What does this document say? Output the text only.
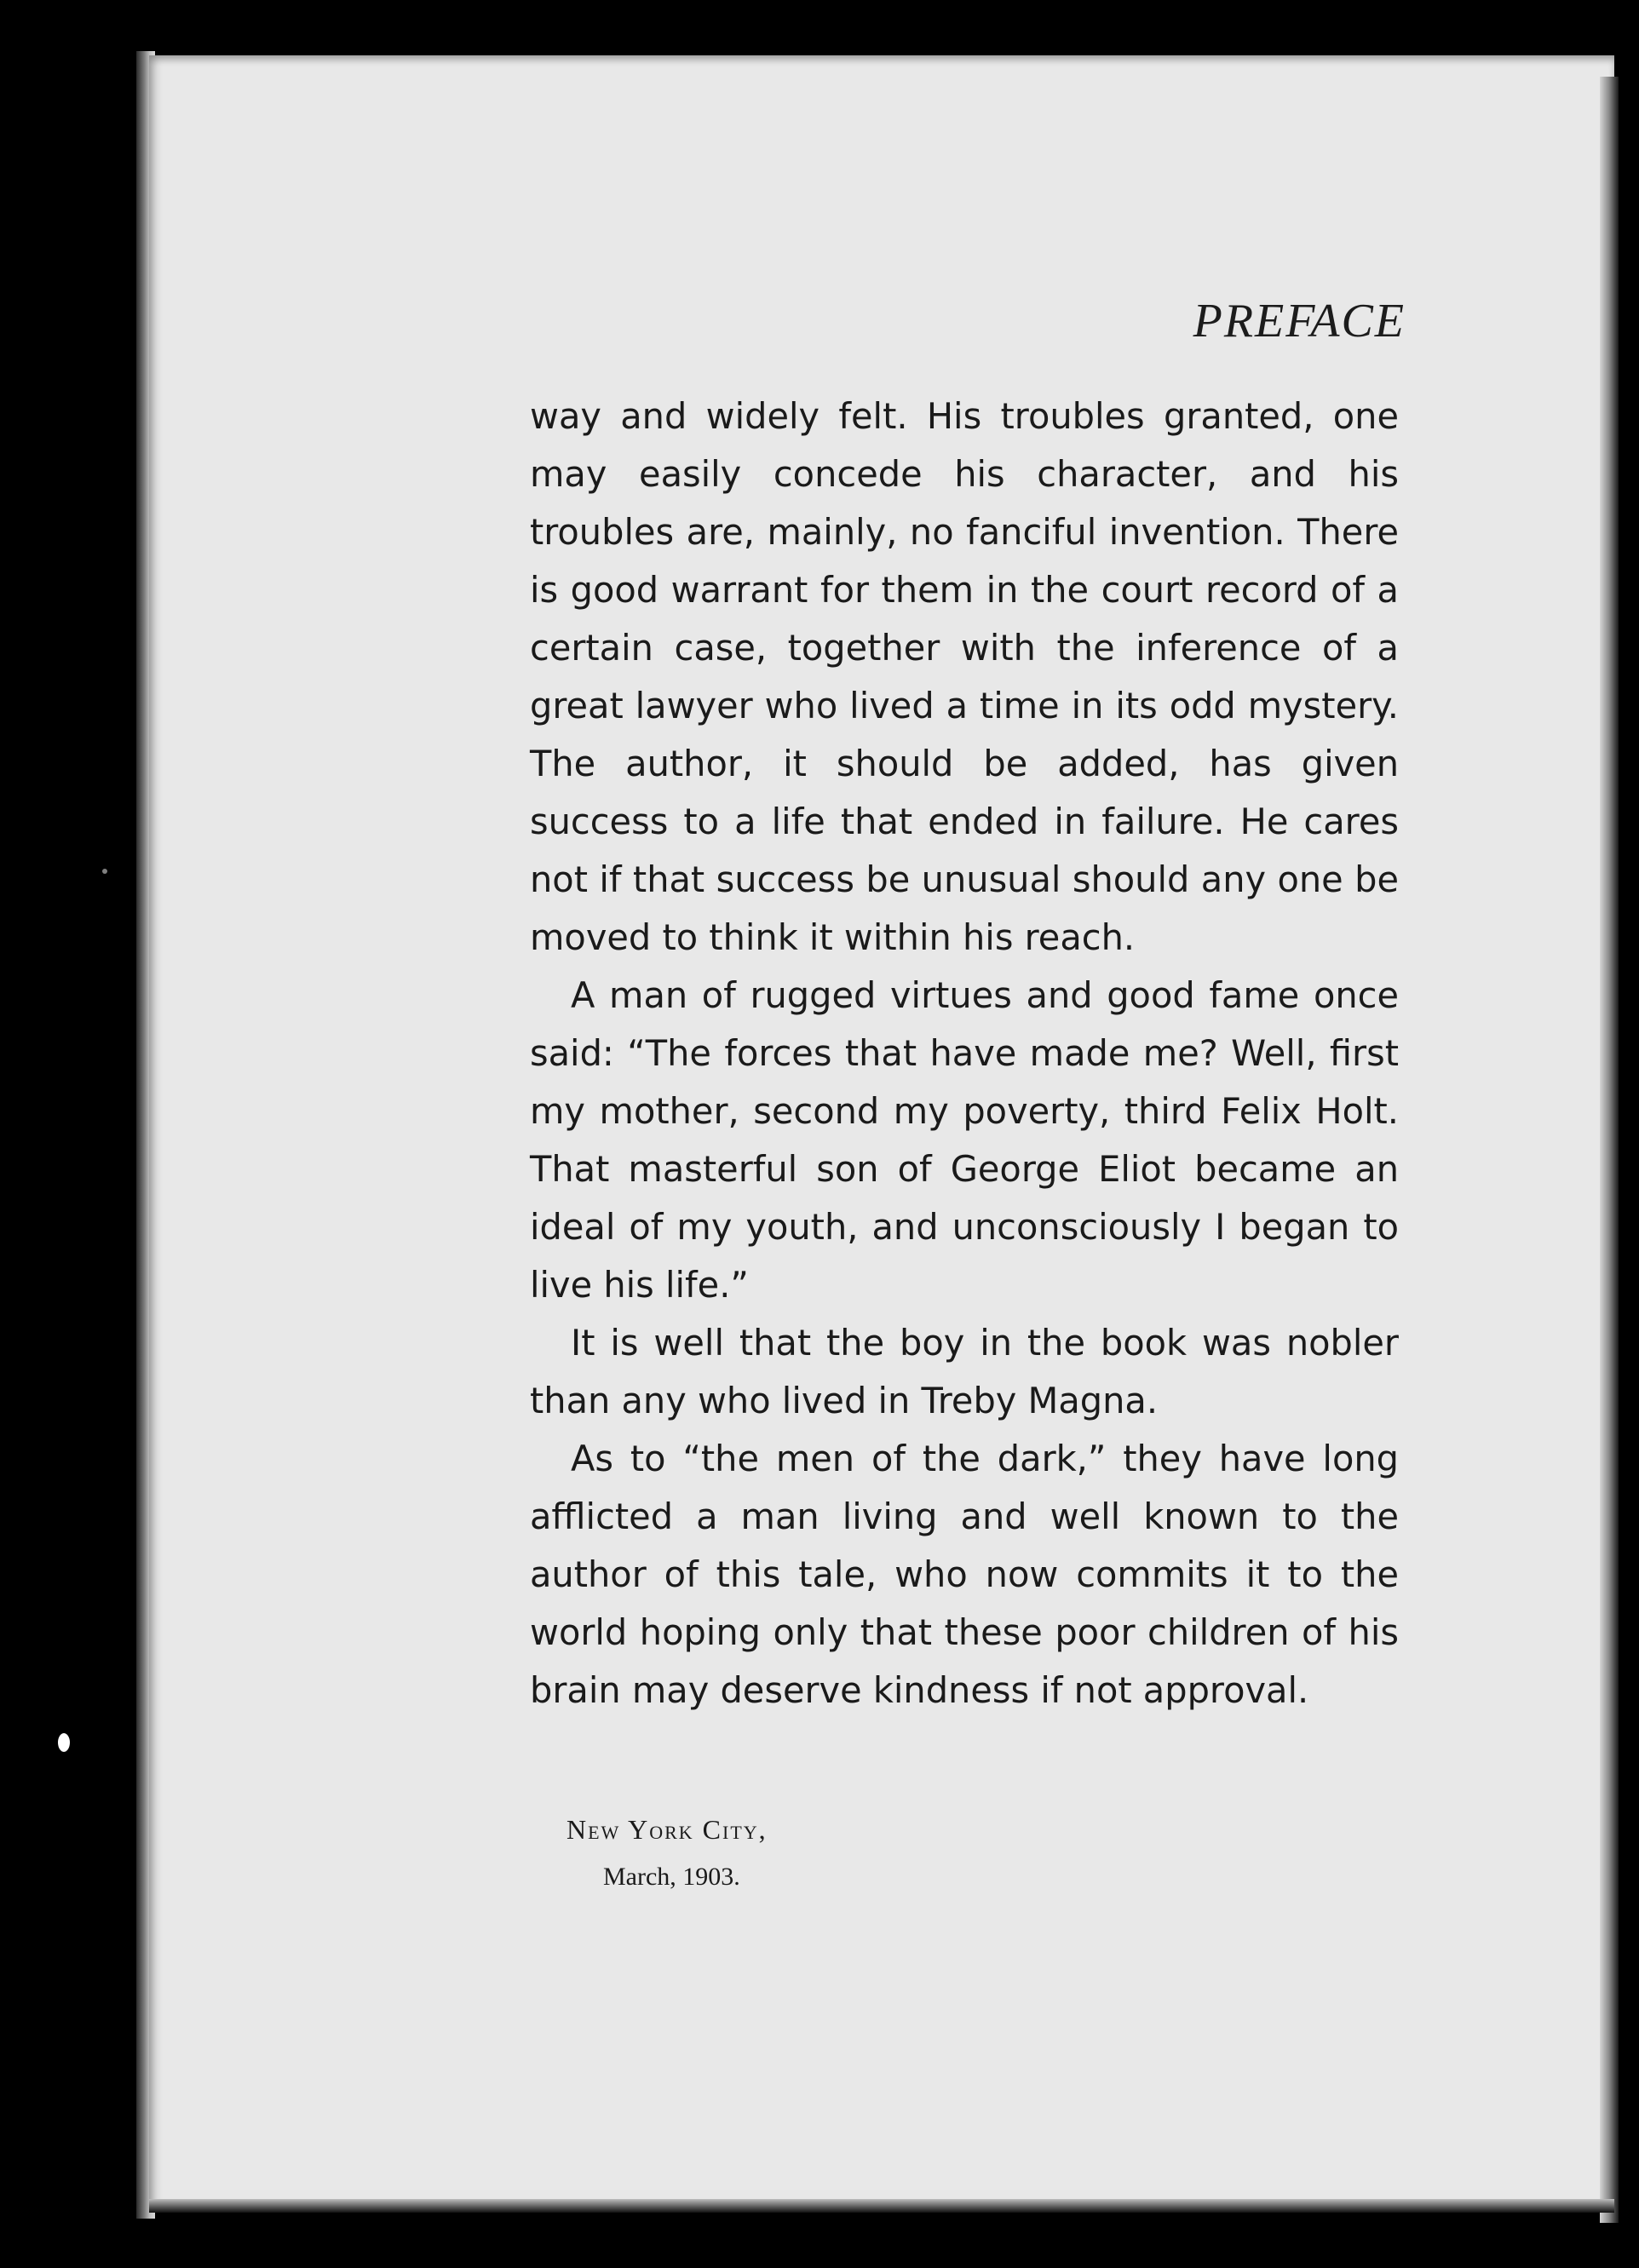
PREFACE

way and widely felt. His troubles granted, one may easily concede his character, and his troubles are, mainly, no fanciful invention. There is good warrant for them in the court record of a certain case, together with the inference of a great lawyer who lived a time in its odd mystery. The author, it should be added, has given success to a life that ended in failure. He cares not if that success be unusual should any one be moved to think it within his reach.

A man of rugged virtues and good fame once said: “The forces that have made me? Well, first my mother, second my poverty, third Felix Holt. That masterful son of George Eliot became an ideal of my youth, and unconsciously I began to live his life.”

It is well that the boy in the book was nobler than any who lived in Treby Magna.

As to “the men of the dark,” they have long afflicted a man living and well known to the author of this tale, who now commits it to the world hoping only that these poor children of his brain may deserve kindness if not approval.

New York City,
March, 1903.
